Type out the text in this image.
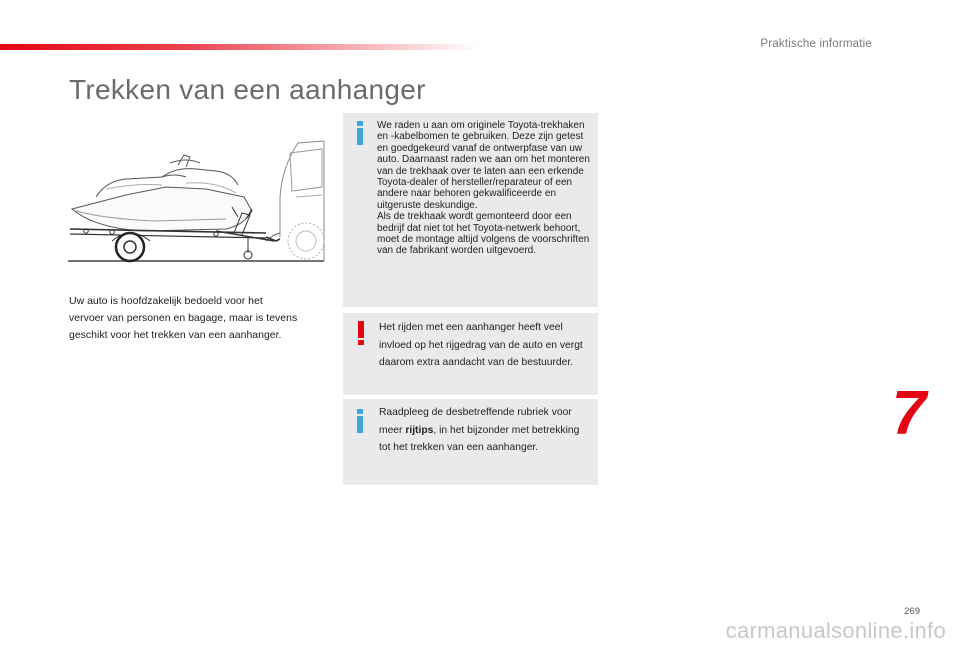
Praktische informatie
Trekken van een aanhanger

Uw auto is hoofdzakelijk bedoeld voor het vervoer van personen en bagage, maar is tevens geschikt voor het trekken van een aanhanger.

We raden u aan om originele Toyota-trekhaken en -kabelbomen te gebruiken. Deze zijn getest en goedgekeurd vanaf de ontwerpfase van uw auto. Daarnaast raden we aan om het monteren van de trekhaak over te laten aan een erkende Toyota-dealer of hersteller/reparateur of een andere naar behoren gekwalificeerde en uitgeruste deskundige.

Als de trekhaak wordt gemonteerd door een bedrijf dat niet tot het Toyota-netwerk behoort, moet de montage altijd volgens de voorschriften van de fabrikant worden uitgevoerd.

Het rijden met een aanhanger heeft veel invloed op het rijgedrag van de auto en vergt daarom extra aandacht van de bestuurder.

Raadpleeg de desbetreffende rubriek voor meer rijtips, in het bijzonder met betrekking tot het trekken van een aanhanger.	7
269
carmanualsonline.info
